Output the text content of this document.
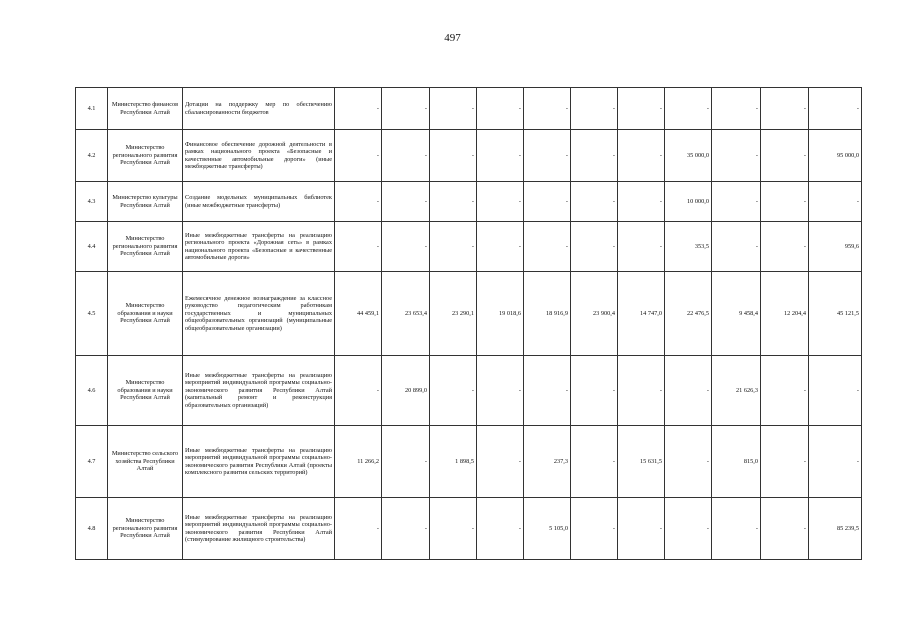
497
4.1	Министерство финансов Республики Алтай	Дотации на поддержку мер по обеспечению сбалансированности бюджетов	-	-	-	-	-	-	-	-	-	-	-
4.2	Министерство регионального развития Республики Алтай	Финансовое обеспечение дорожной деятельности в рамках национального проекта «Безопасные и качественные автомобильные дороги» (иные межбюджетные трансферты)	-	-	-	-	-	-	-	35 000,0	-	-	95 000,0
4.3	Министерство культуры Республики Алтай	Создание модельных муниципальных библиотек (иные межбюджетные трансферты)	-	-	-	-	-	-	-	10 000,0	-	-	-
4.4	Министерство регионального развития Республики Алтай	Иные межбюджетные трансферты на реализацию регионального проекта «Дорожная сеть» в рамках национального проекта «Безопасные и качественные автомобильные дороги»	-	-	-	-	-	-	-	353,5	-	-	959,6
4.5	Министерство образования и науки Республики Алтай	Ежемесячное денежное вознаграждение за классное руководство педагогическим работникам государственных и муниципальных общеобразовательных организаций (муниципальные общеобразовательные организации)	44 459,1	23 653,4	23 290,1	19 018,6	18 916,9	23 900,4	14 747,0	22 476,5	9 458,4	12 204,4	45 121,5
4.6	Министерство образования и науки Республики Алтай	Иные межбюджетные трансферты на реализацию мероприятий индивидуальной программы социально-экономического развития Республики Алтай (капитальный ремонт и реконструкция образовательных организаций)	-	20 899,0	-	-	-	-	-	-	21 626,3	-	-
4.7	Министерство сельского хозяйства Республики Алтай	Иные межбюджетные трансферты на реализацию мероприятий индивидуальной программы социально-экономического развития Республики Алтай (проекты комплексного развития сельских территорий)	11 266,2	-	1 898,5	-	237,3	-	15 631,5	-	815,0	-	-
4.8	Министерство регионального развития Республики Алтай	Иные межбюджетные трансферты на реализацию мероприятий индивидуальной программы социально-экономического развития Республики Алтай (стимулирование жилищного строительства)	-	-	-	-	5 105,0	-	-	-	-	-	85 239,5
